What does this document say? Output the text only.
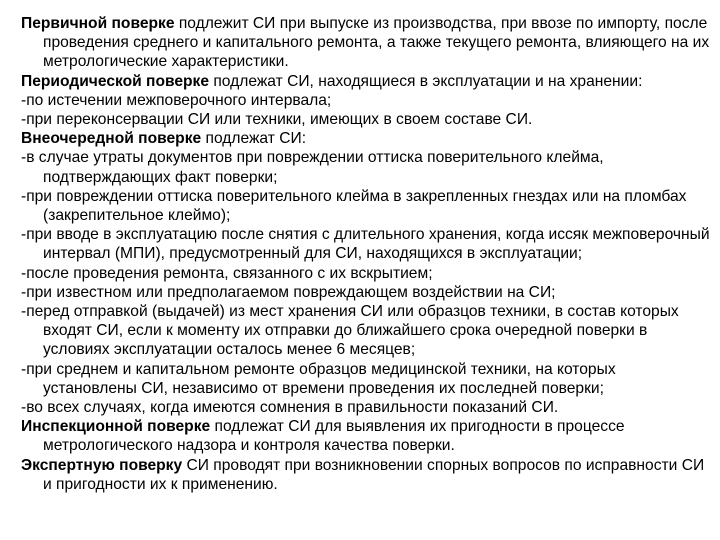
Первичной поверке подлежит СИ при выпуске из производства, при ввозе по импорту, после проведения среднего и капитального ремонта, а также текущего ремонта, влияющего на их метрологические характеристики.

Периодической поверке подлежат СИ, находящиеся в эксплуатации и на хранении:

-по истечении межповерочного интервала;

-при переконсервации СИ или техники, имеющих в своем составе СИ.

Внеочередной поверке подлежат СИ:

-в случае утраты документов при повреждении оттиска поверительного клейма, подтверждающих факт поверки;

-при повреждении оттиска поверительного клейма в закрепленных гнездах или на пломбах (закрепительное клеймо);

-при вводе в эксплуатацию после снятия с длительного хранения, когда иссяк межповерочный интервал (МПИ), предусмотренный для СИ, находящихся в эксплуатации;

-после проведения ремонта, связанного с их вскрытием;

-при известном или предполагаемом повреждающем воздействии на СИ;

-перед отправкой (выдачей) из мест хранения СИ или образцов техники, в состав которых входят СИ, если к моменту их отправки до ближайшего срока очередной поверки в условиях эксплуатации осталось менее 6 месяцев;

-при среднем и капитальном ремонте образцов медицинской техники, на которых установлены СИ, независимо от времени проведения их последней поверки;

-во всех случаях, когда имеются сомнения в правильности показаний СИ.

Инспекционной поверке подлежат СИ для выявления их пригодности в процессе метрологического надзора и контроля качества поверки.

Экспертную поверку СИ проводят при возникновении спорных вопросов по исправности СИ и пригодности их к применению.
